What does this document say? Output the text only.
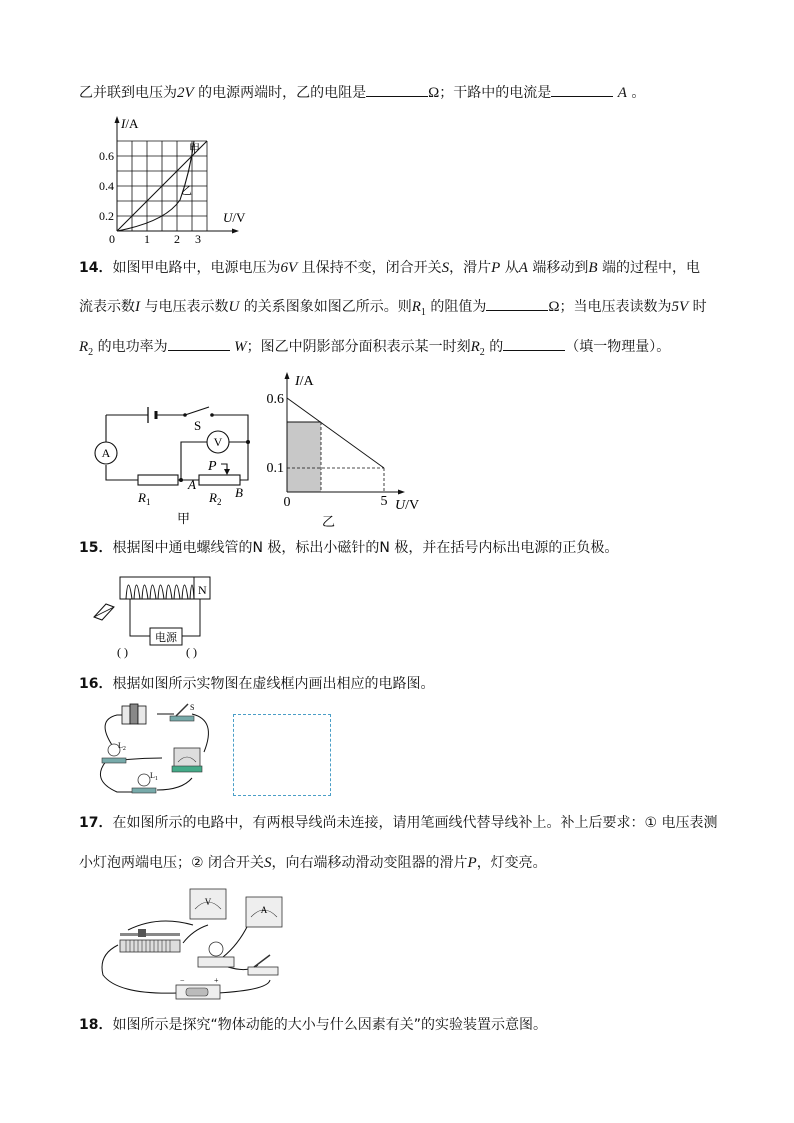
乙并联到电压为2V 的电源两端时，乙的电阻是	Ω；干路中的电流是	A 。
I/A
U/V
0.6
0.4
0.2
0 1 2 3
甲
乙
14．如图甲电路中，电源电压为6V 且保持不变，闭合开关S，滑片P 从A 端移动到B 端的过程中，电
流表示数I 与电压表示数U 的关系图象如图乙所示。则$R_1$ 的阻值为	Ω；当电压表读数为5V 时
$R_2$ 的电功率为	W；图乙中阴影部分面积表示某一时刻$R_2$ 的	（填一物理量）。
A
V
S
P
$R_1$
A
$R_2$
B
甲
I/A
0.6
0.1
0	5 U/V
乙
15．根据图中通电螺线管的N 极，标出小磁针的N 极，并在括号内标出电源的正负极。
N
电源
( )	( )
16．根据如图所示实物图在虚线框内画出相应的电路图。
S
$L_2$
$L_1$
17．在如图所示的电路中，有两根导线尚未连接，请用笔画线代替导线补上。补上后要求：① 电压表测
小灯泡两端电压；② 闭合开关S，向右端移动滑动变阻器的滑片P，灯变亮。
V
A
−	+
18．如图所示是探究“物体动能的大小与什么因素有关”的实验装置示意图。
